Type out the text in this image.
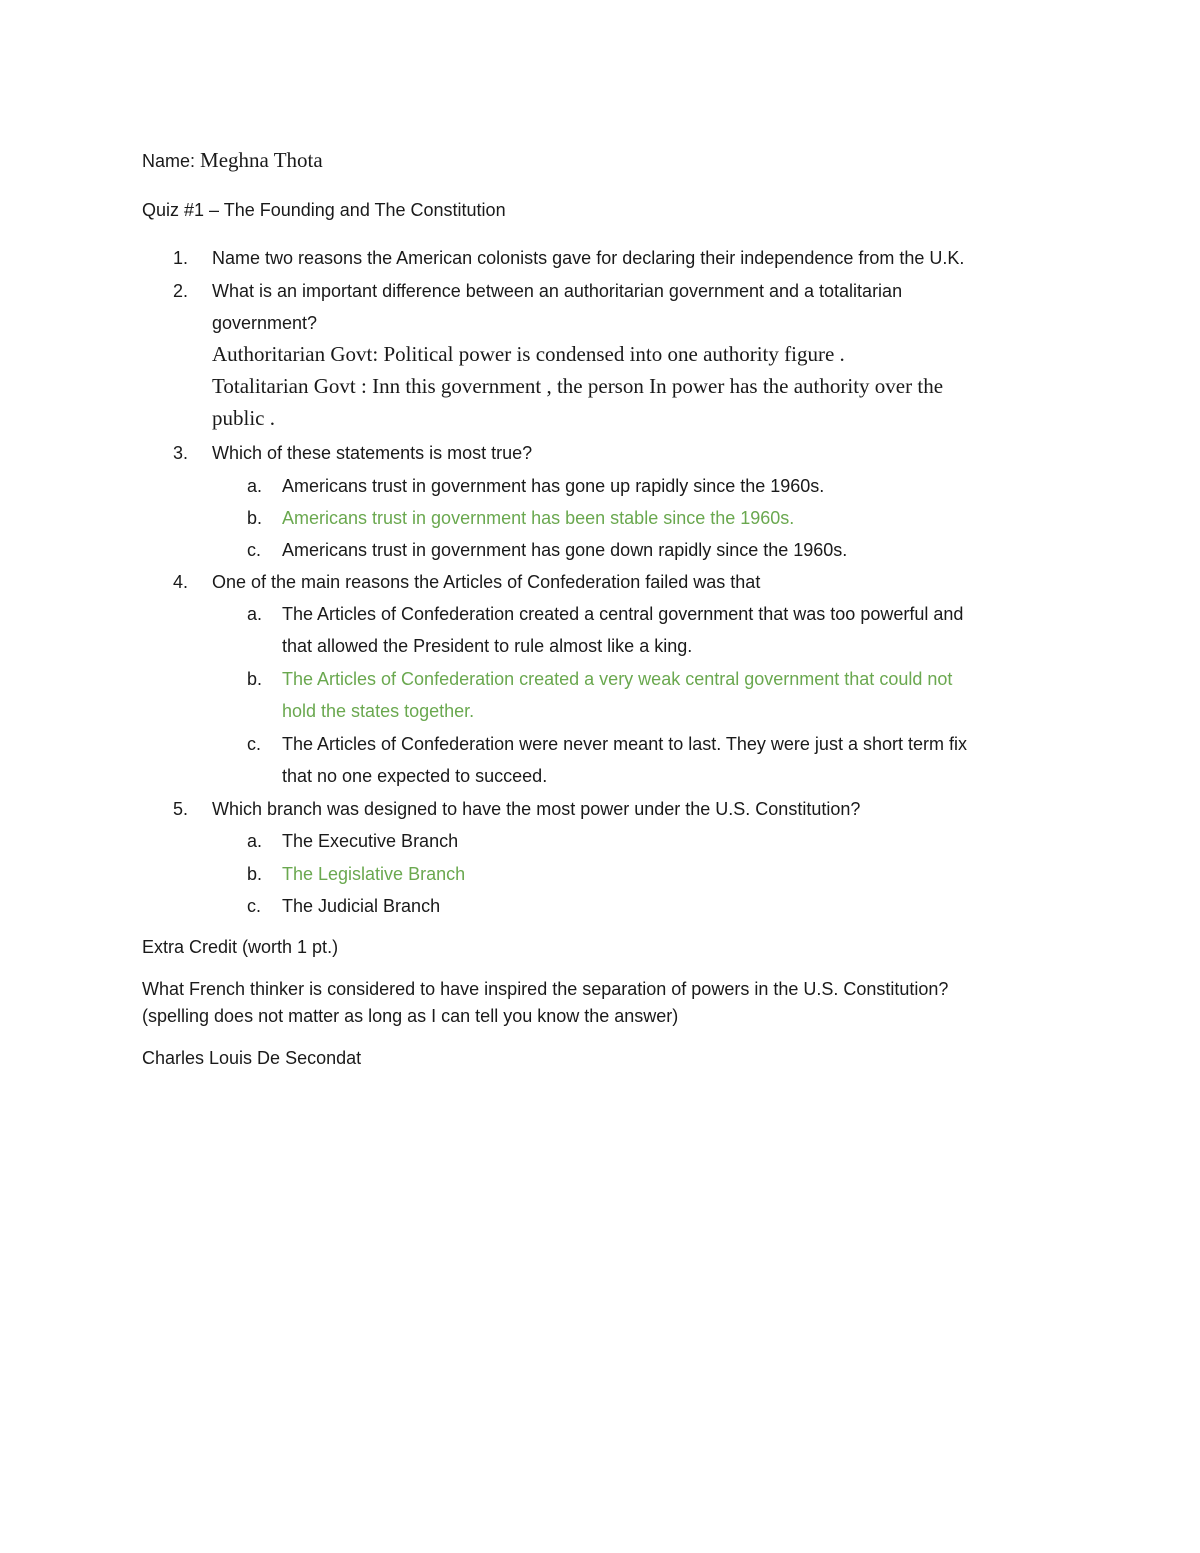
Name: Meghna Thota
Quiz #1 – The Founding and The Constitution
1.	Name two reasons the American colonists gave for declaring their independence from the U.K.
2.	What is an important difference between an authoritarian government and a totalitarian
government?
Authoritarian Govt: Political power is condensed into one authority figure .
Totalitarian Govt : Inn this government , the person In power has the authority over the
public .
3.	Which of these statements is most true?
a. Americans trust in government has gone up rapidly since the 1960s.
b. Americans trust in government has been stable since the 1960s.
c. Americans trust in government has gone down rapidly since the 1960s.
4.	One of the main reasons the Articles of Confederation failed was that
a. The Articles of Confederation created a central government that was too powerful and
that allowed the President to rule almost like a king.
b. The Articles of Confederation created a very weak central government that could not
hold the states together.
c. The Articles of Confederation were never meant to last. They were just a short term fix
that no one expected to succeed.
5.	Which branch was designed to have the most power under the U.S. Constitution?
a. The Executive Branch
b. The Legislative Branch
c. The Judicial Branch
Extra Credit (worth 1 pt.)
What French thinker is considered to have inspired the separation of powers in the U.S. Constitution?
(spelling does not matter as long as I can tell you know the answer)
Charles Louis De Secondat
